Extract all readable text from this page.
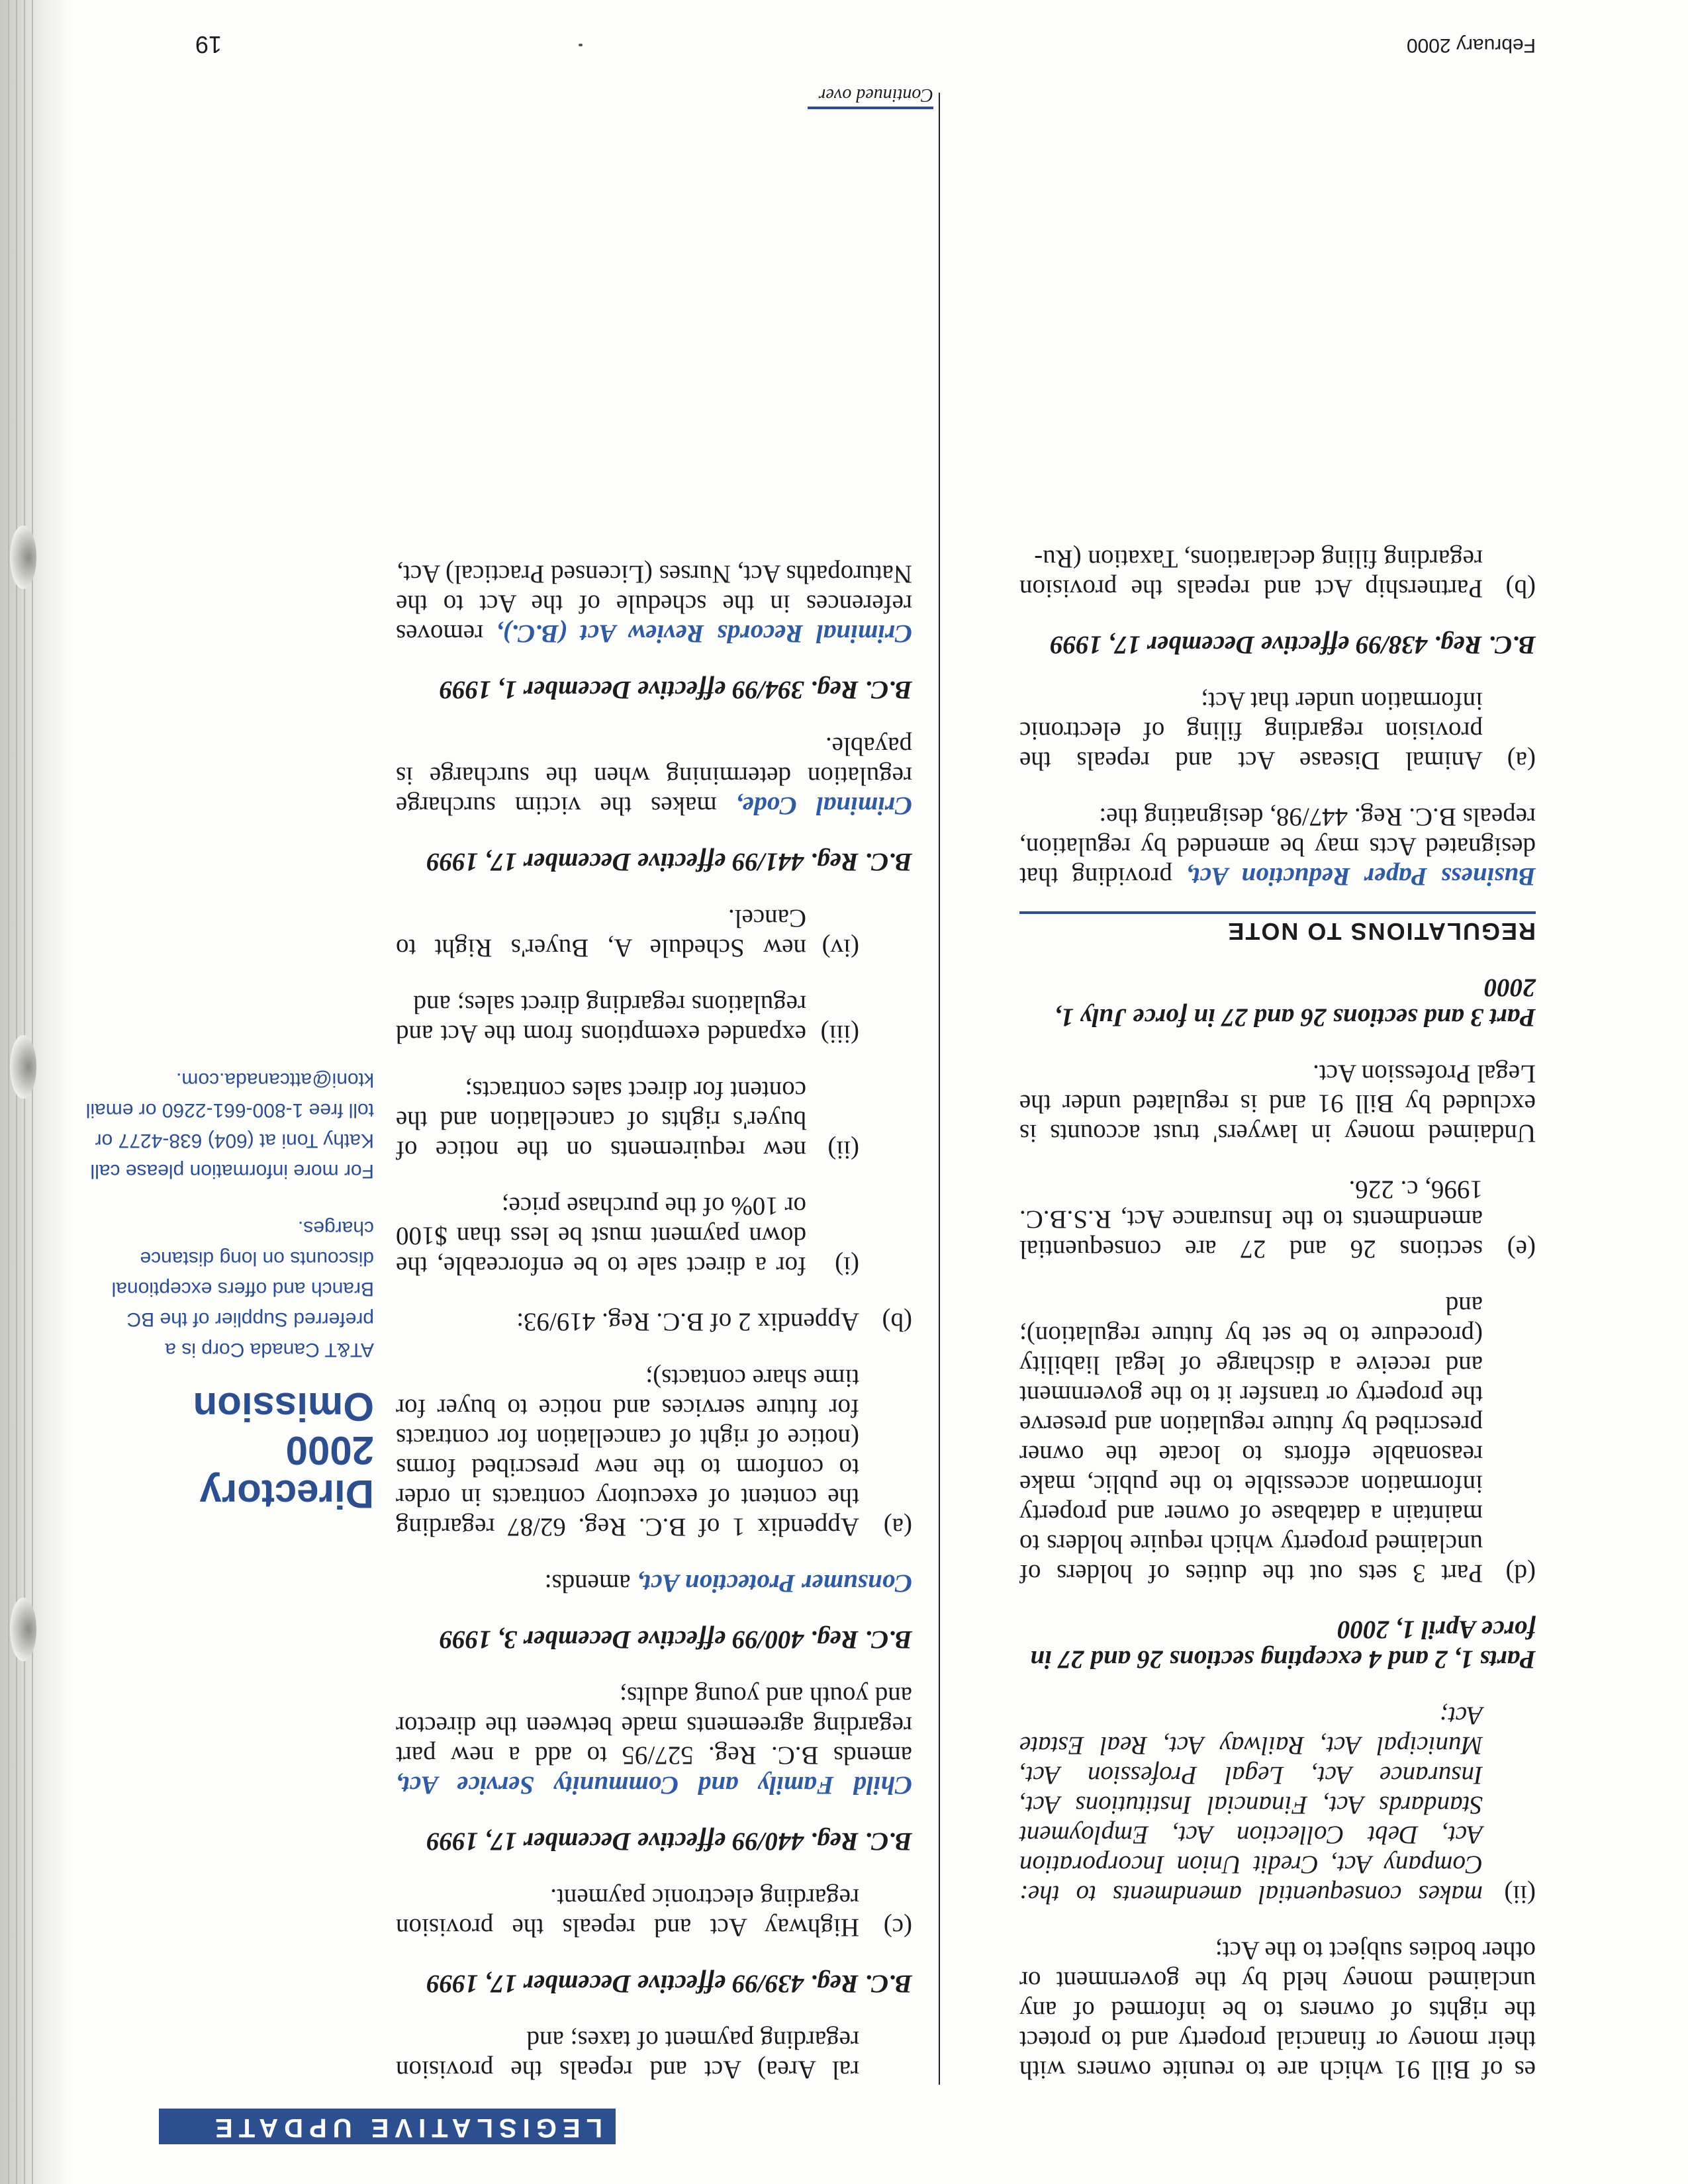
LEGISLATIVE UPDATE

es of Bill 91 which are to reunite owners with their money or financial property and to protect the rights of owners to be informed of any unclaimed money held by the government or other bodies subject to the Act;

(ii)
makes consequential amendments to the: Company Act, Credit Union Incorporation Act, Debt Collection Act, Employment Standards Act, Financial Institutions Act, Insurance Act, Legal Profession Act, Municipal Act, Railway Act, Real Estate Act;

Parts 1, 2 and 4 excepting sections 26 and 27 in force April 1, 2000

(d)
Part 3 sets out the duties of holders of unclaimed property which require holders to maintain a database of owner and property information accessible to the public, make reasonable efforts to locate the owner prescribed by future regulation and preserve the property or transfer it to the government and receive a discharge of legal liability (procedure to be set by future regulation); and
(e)
sections 26 and 27 are consequential amendments to the Insurance Act, R.S.B.C. 1996, c. 226.

Undaimed money in lawyers' trust accounts is excluded by Bill 91 and is regulated under the Legal Profession Act.

Part 3 and sections 26 and 27 in force July 1, 2000

REGULATIONS TO NOTE

Business Paper Reduction Act, providing that designated Acts may be amended by regulation, repeals B.C. Reg. 447/98, designating the:

(a)
Animal Disease Act and repeals the provision regarding filing of electronic information under that Act;

B.C. Reg. 438/99 effective December 17, 1999

(b)
Partnership Act and repeals the provision regarding filing declarations, Taxation (Ru-

ral Area) Act and repeals the provision regarding payment of taxes; and

B.C. Reg. 439/99 effective December 17, 1999

(c)
Highway Act and repeals the provision regarding electronic payment.

B.C. Reg. 440/99 effective December 17, 1999

Child Family and Community Service Act, amends B.C. Reg. 527/95 to add a new part regarding agreements made between the director and youth and young adults;

B.C. Reg. 400/99 effective December 3, 1999

Consumer Protection Act, amends:

(a)
Appendix 1 of B.C. Reg. 62/87 regarding the content of executory contracts in order to conform to the new prescribed forms (notice of right of cancellation for contracts for future services and notice to buyer for time share contacts);
(b)
Appendix 2 of B.C. Reg. 419/93:
(i)
for a direct sale to be enforceable, the down payment must be less than $100 or 10% of the purchase price;
(ii)
new requirements on the notice of buyer's rights of cancellation and the content for direct sales contracts;
(iii)
expanded exemptions from the Act and regulations regarding direct sales; and
(iv)
new Schedule A, Buyer's Right to Cancel.

B.C. Reg. 441/99 effective December 17, 1999

Criminal Code, makes the victim surcharge regulation determining when the surcharge is payable.

B.C. Reg. 394/99 effective December 1, 1999

Criminal Records Review Act (B.C.), removes references in the schedule of the Act to the Naturopaths Act, Nurses (Licensed Practical) Act,

Continued over
Directory
2000
Omission
AT&T Canada Corp is a preferred Supplier of the BC Branch and offers exceptional discounts on long distance charges.
For more information please call Kathy Toni at (604) 638-4277 or toll free 1-800-661-2260 or email ktoni@attcanada.com.
February 2000
19
